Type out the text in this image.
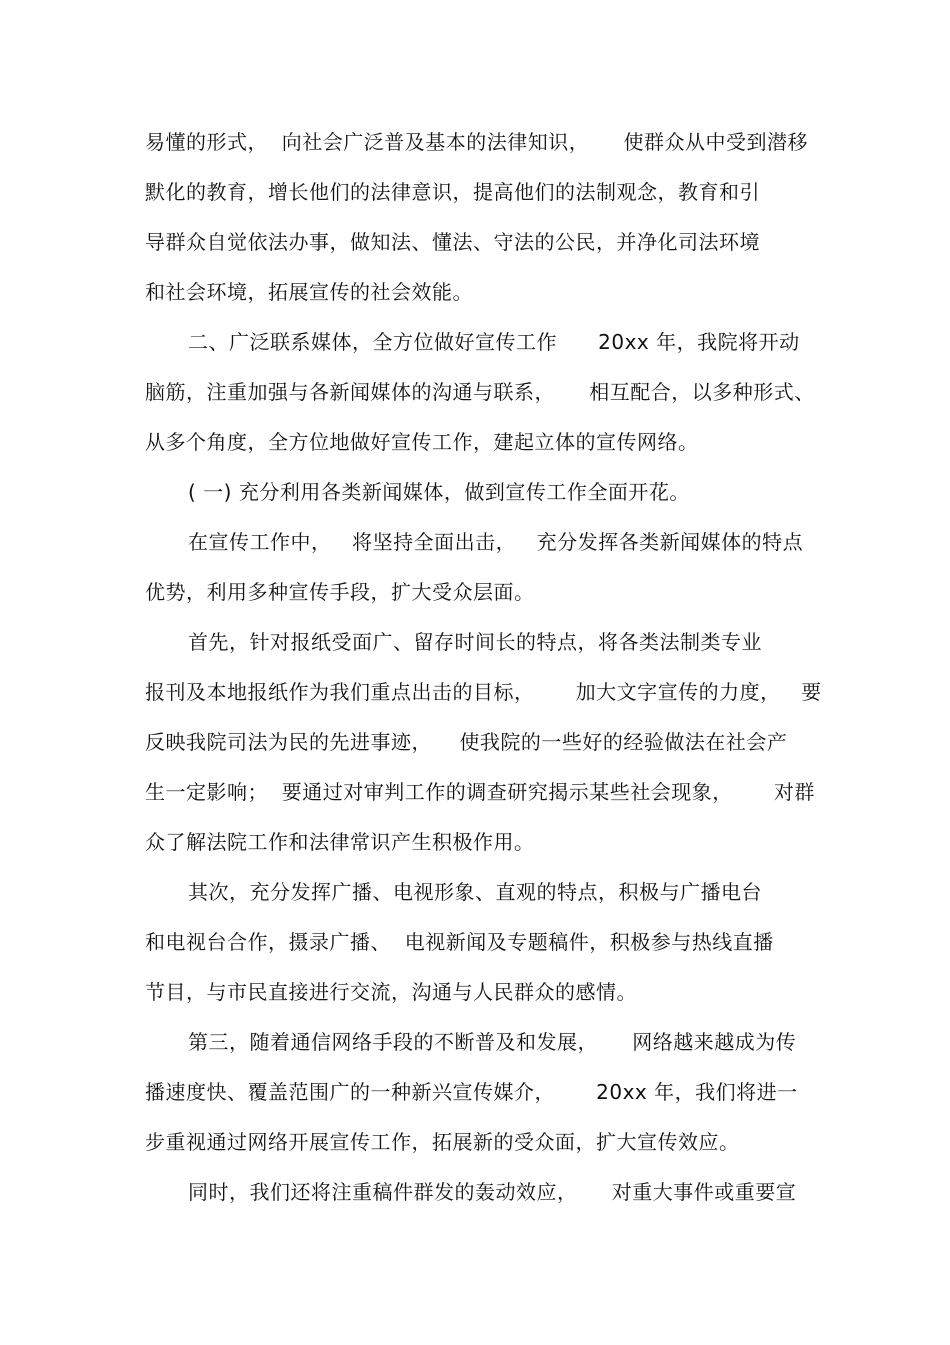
易懂的形式，  向社会广泛普及基本的法律知识，     使群众从中受到潜移

默化的教育，增长他们的法律意识，提高他们的法制观念，教育和引

导群众自觉依法办事，做知法、懂法、守法的公民，并净化司法环境

和社会环境，拓展宣传的社会效能。

二、广泛联系媒体，全方位做好宣传工作      20xx 年，我院将开动

脑筋，注重加强与各新闻媒体的沟通与联系，     相互配合，以多种形式、

从多个角度，全方位地做好宣传工作，建起立体的宣传网络。

( 一) 充分利用各类新闻媒体，做到宣传工作全面开花。

在宣传工作中，   将坚持全面出击，   充分发挥各类新闻媒体的特点

优势，利用多种宣传手段，扩大受众层面。

首先，针对报纸受面广、留存时间长的特点，将各类法制类专业

报刊及本地报纸作为我们重点出击的目标，      加大文字宣传的力度，   要

反映我院司法为民的先进事迹，    使我院的一些好的经验做法在社会产

生一定影响；  要通过对审判工作的调查研究揭示某些社会现象，      对群

众了解法院工作和法律常识产生积极作用。

其次，充分发挥广播、电视形象、直观的特点，积极与广播电台

和电视台合作，摄录广播、  电视新闻及专题稿件，积极参与热线直播

节目，与市民直接进行交流，沟通与人民群众的感情。

第三，随着通信网络手段的不断普及和发展，     网络越来越成为传

播速度快、覆盖范围广的一种新兴宣传媒介，      20xx 年，我们将进一

步重视通过网络开展宣传工作，拓展新的受众面，扩大宣传效应。

同时，我们还将注重稿件群发的轰动效应，     对重大事件或重要宣
